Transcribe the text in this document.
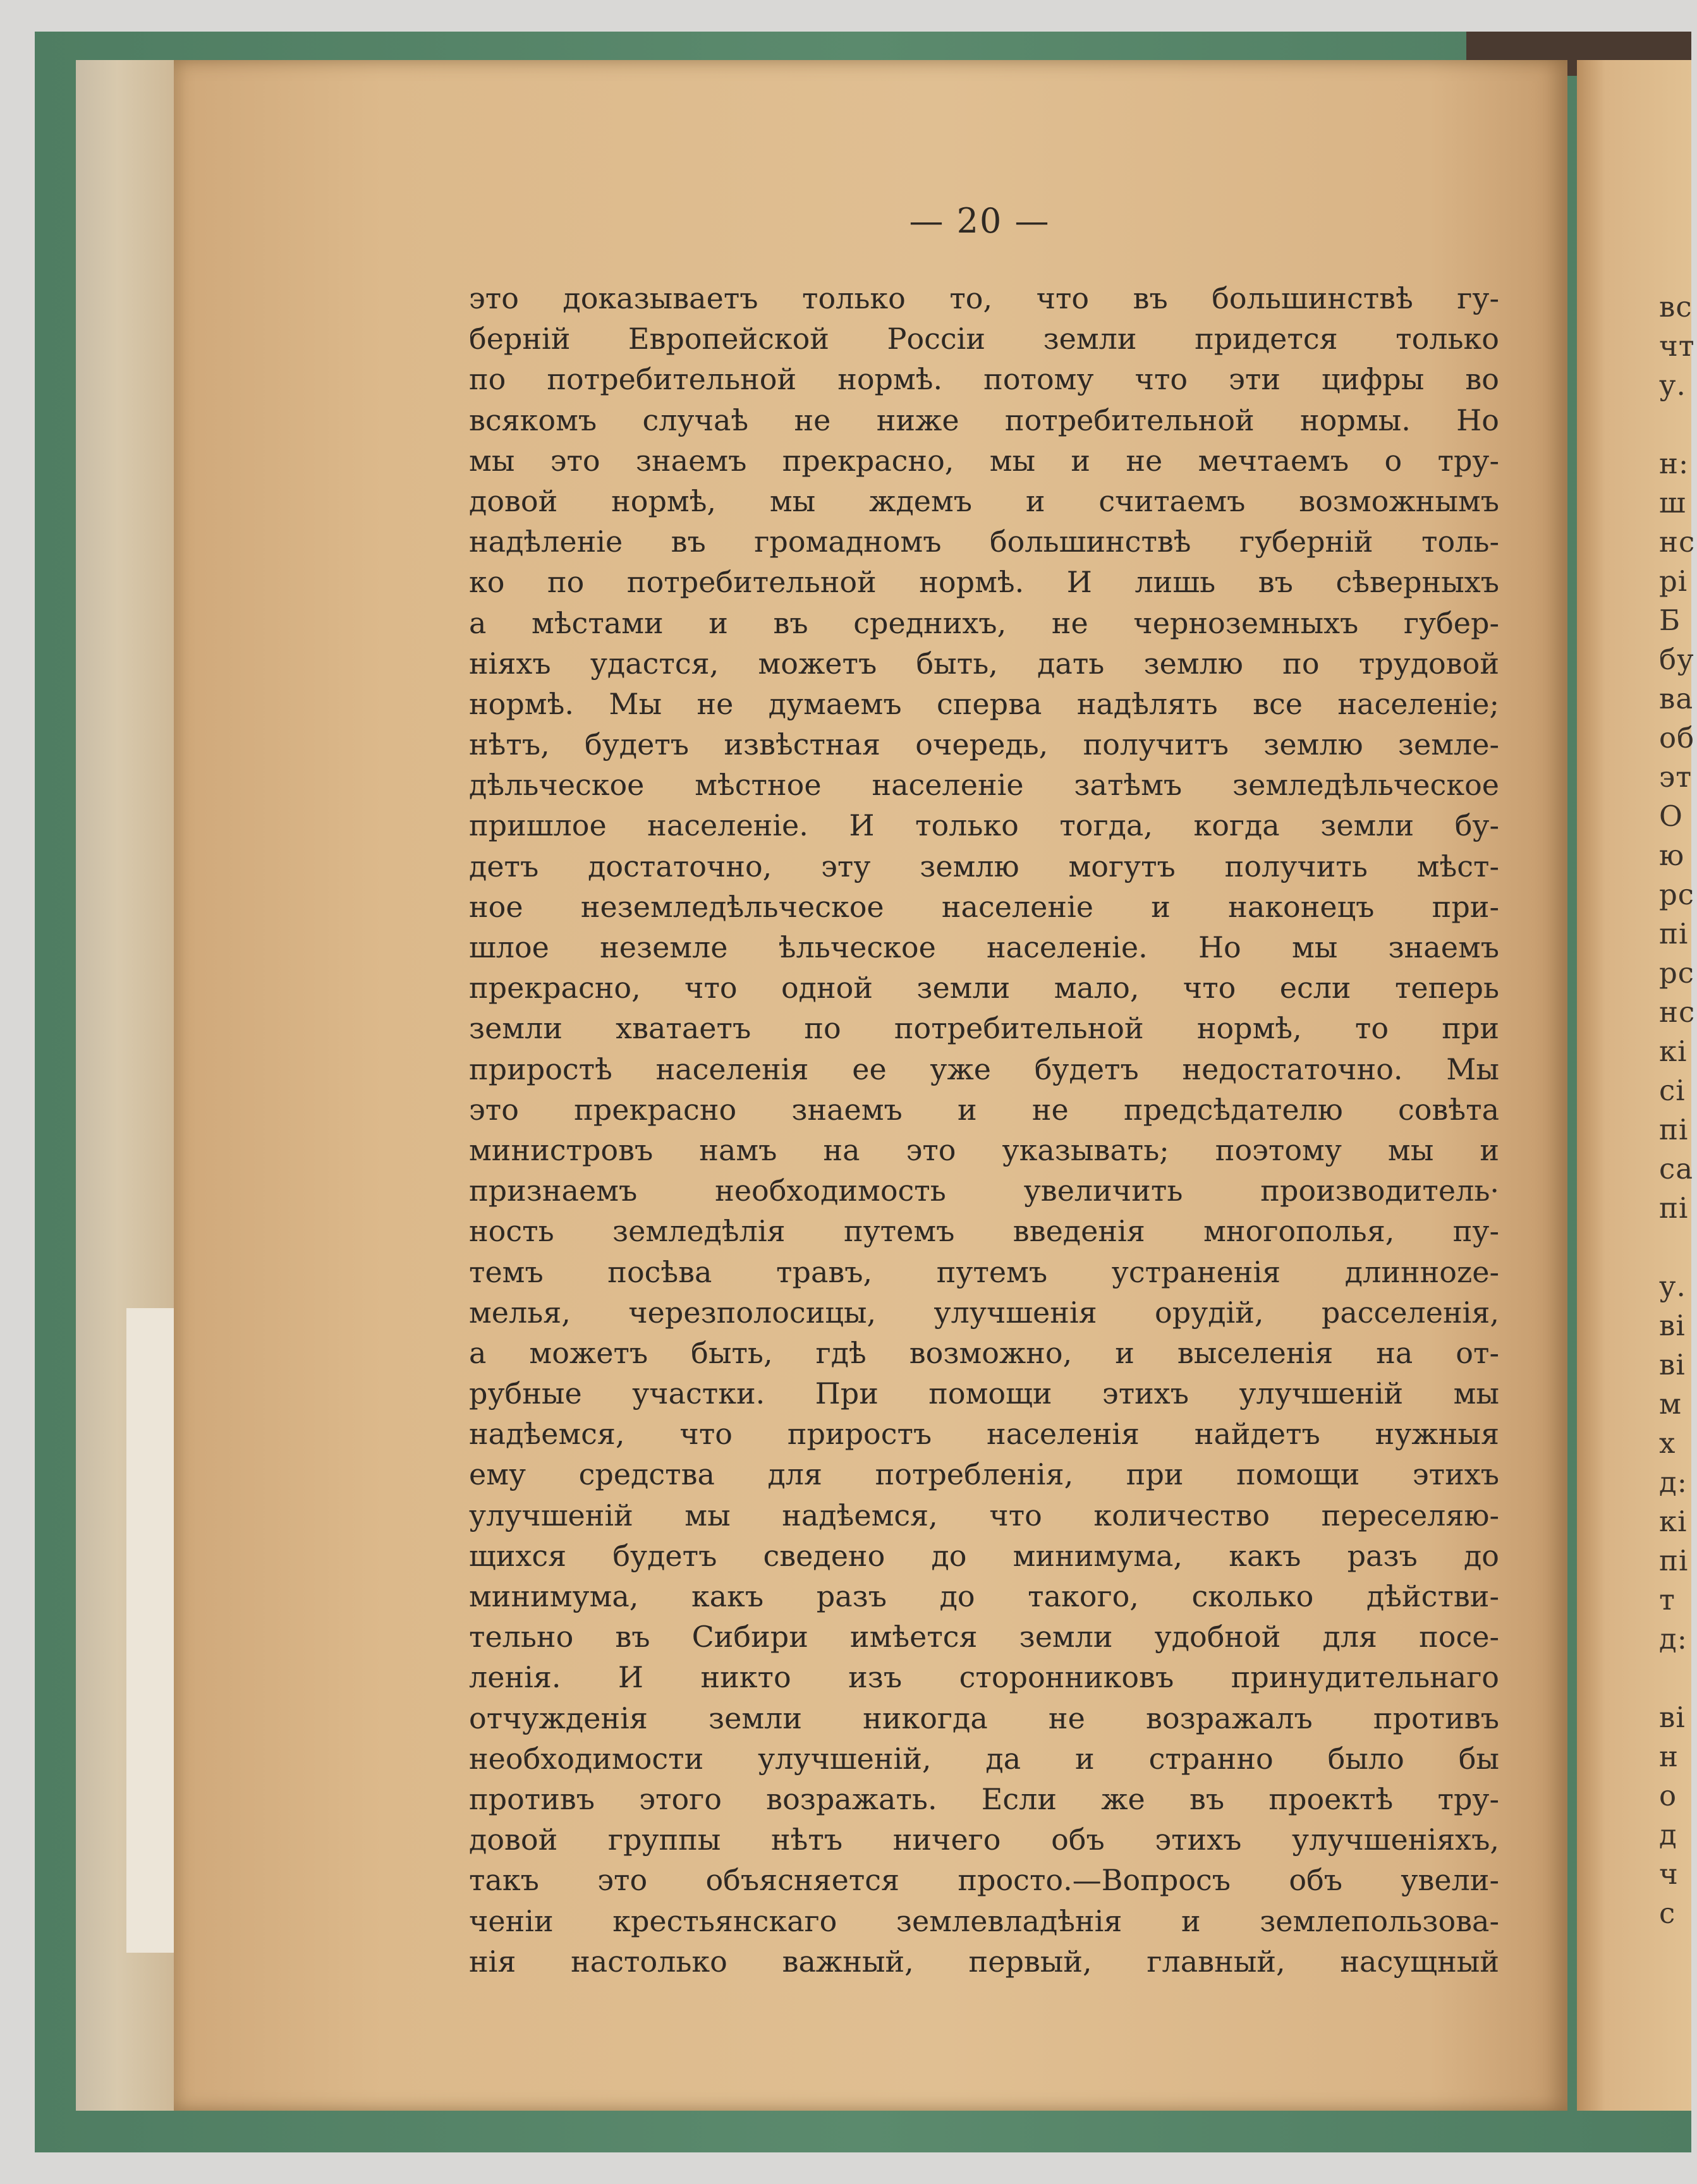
вс
чт
у.
н:
ш
нс
рі
Б
бу
ва
об
эт
О
ю
рс
пі
рс
нс
кі
сі
пі
са
пі
у.
ві
ві
м
х
д:
кі
пі
т
д:
ві
н
о
д
ч
с
— 20 —
это доказываетъ только то, что въ большинствѣ гу-
берній Европейской Россіи земли придется только
по потребительной нормѣ. потому что эти цифры во
всякомъ случаѣ не ниже потребительной нормы. Но
мы это знаемъ прекрасно, мы и не мечтаемъ о тру-
довой нормѣ, мы ждемъ и считаемъ возможнымъ
надѣленіе въ громадномъ большинствѣ губерній толь-
ко по потребительной нормѣ. И лишь въ сѣверныхъ
а мѣстами и въ среднихъ, не черноземныхъ губер-
ніяхъ удастся, можетъ быть, дать землю по трудовой
нормѣ. Мы не думаемъ сперва надѣлять все населеніе;
нѣтъ, будетъ извѣстная очередь, получитъ землю земле-
дѣльческое мѣстное населеніе затѣмъ земледѣльческое
пришлое населеніе. И только тогда, когда земли бу-
детъ достаточно, эту землю могутъ получить мѣст-
ное неземледѣльческое населеніе и наконецъ при-
шлое неземле ѣльческое населеніе. Но мы знаемъ
прекрасно, что одной земли мало, что если теперь
земли хватаетъ по потребительной нормѣ, то при
приростѣ населенія ее уже будетъ недостаточно. Мы
это прекрасно знаемъ и не предсѣдателю совѣта
министровъ намъ на это указывать; поэтому мы и
признаемъ необходимость увеличить производитель·
ность земледѣлія путемъ введенія многополья, пу-
темъ посѣва травъ, путемъ устраненія длинноze-
мелья, черезполосицы, улучшенія орудій, расселенія,
а можетъ быть, гдѣ возможно, и выселенія на от-
рубные участки. При помощи этихъ улучшеній мы
надѣемся, что приростъ населенія найдетъ нужныя
ему средства для потребленія, при помощи этихъ
улучшеній мы надѣемся, что количество переселяю-
щихся будетъ сведено до минимума, какъ разъ до
минимума, какъ разъ до такого, сколько дѣйстви-
тельно въ Сибири имѣется земли удобной для посе-
ленія. И никто изъ сторонниковъ принудительнаго
отчужденія земли никогда не возражалъ противъ
необходимости улучшеній, да и странно было бы
противъ этого возражать. Если же въ проектѣ тру-
довой группы нѣтъ ничего объ этихъ улучшеніяхъ,
такъ это объясняется просто.—Вопросъ объ увели-
ченіи крестьянскаго землевладѣнія и землепользова-
нія настолько важный, первый, главный, насущный
